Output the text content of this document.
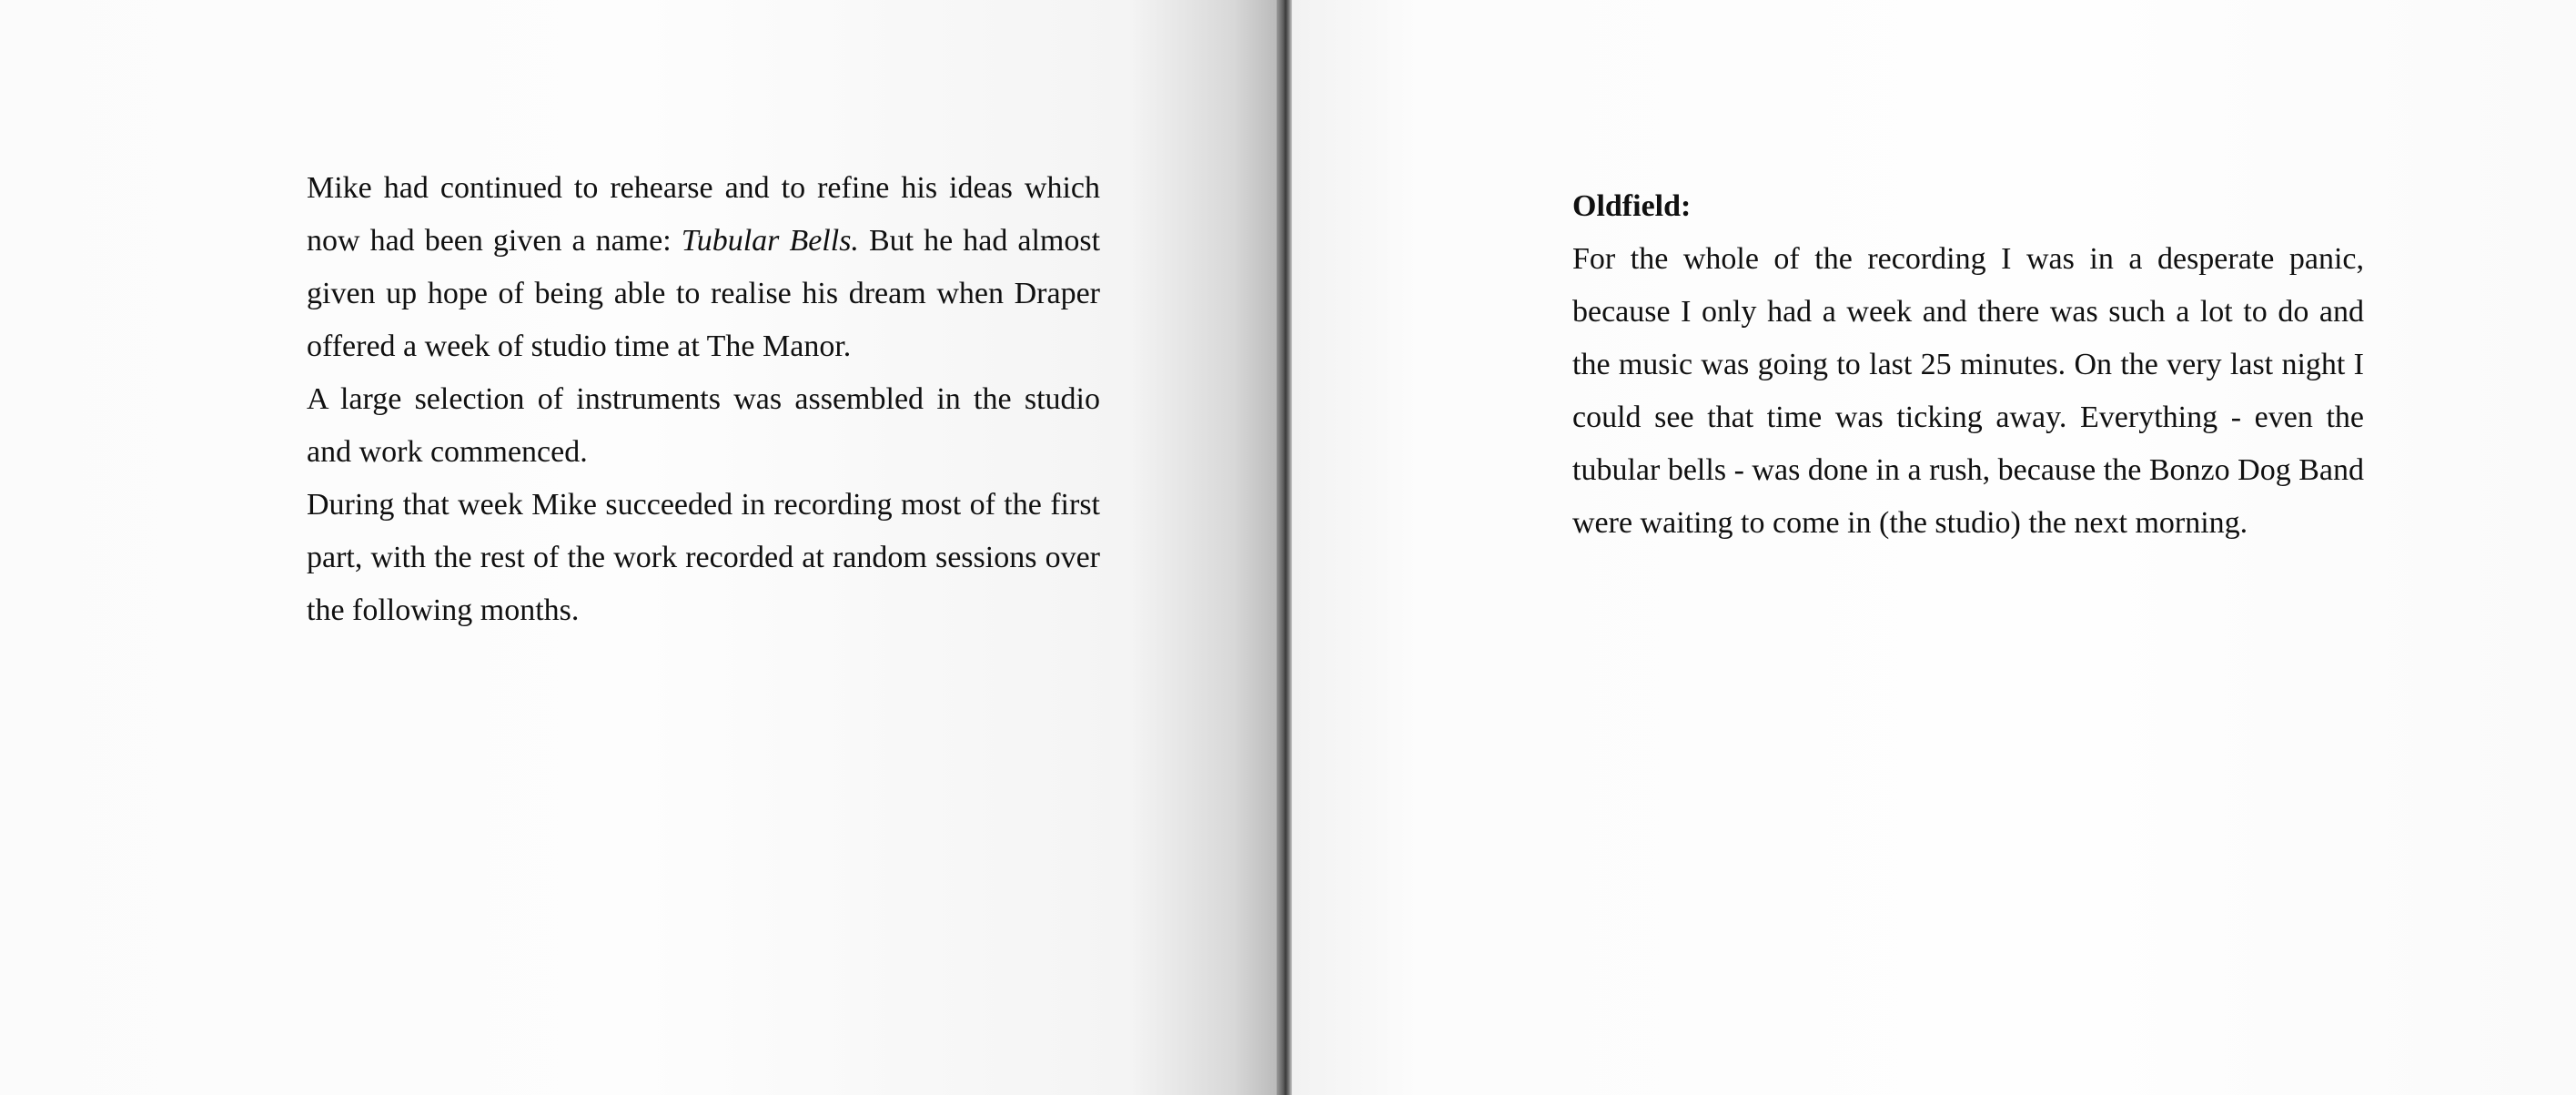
Mike had continued to rehearse and to refine his ideas which now had been given a name: Tubular Bells. But he had almost given up hope of being able to realise his dream when Draper offered a week of studio time at The Manor.

A large selection of instruments was assembled in the studio and work commenced.

During that week Mike succeeded in recording most of the first part, with the rest of the work recorded at random sessions over the following months.

Oldfield:

For the whole of the recording I was in a desperate panic, because I only had a week and there was such a lot to do and the music was going to last 25 minutes. On the very last night I could see that time was ticking away. Everything - even the tubular bells - was done in a rush, because the Bonzo Dog Band were waiting to come in (the studio) the next morning.
